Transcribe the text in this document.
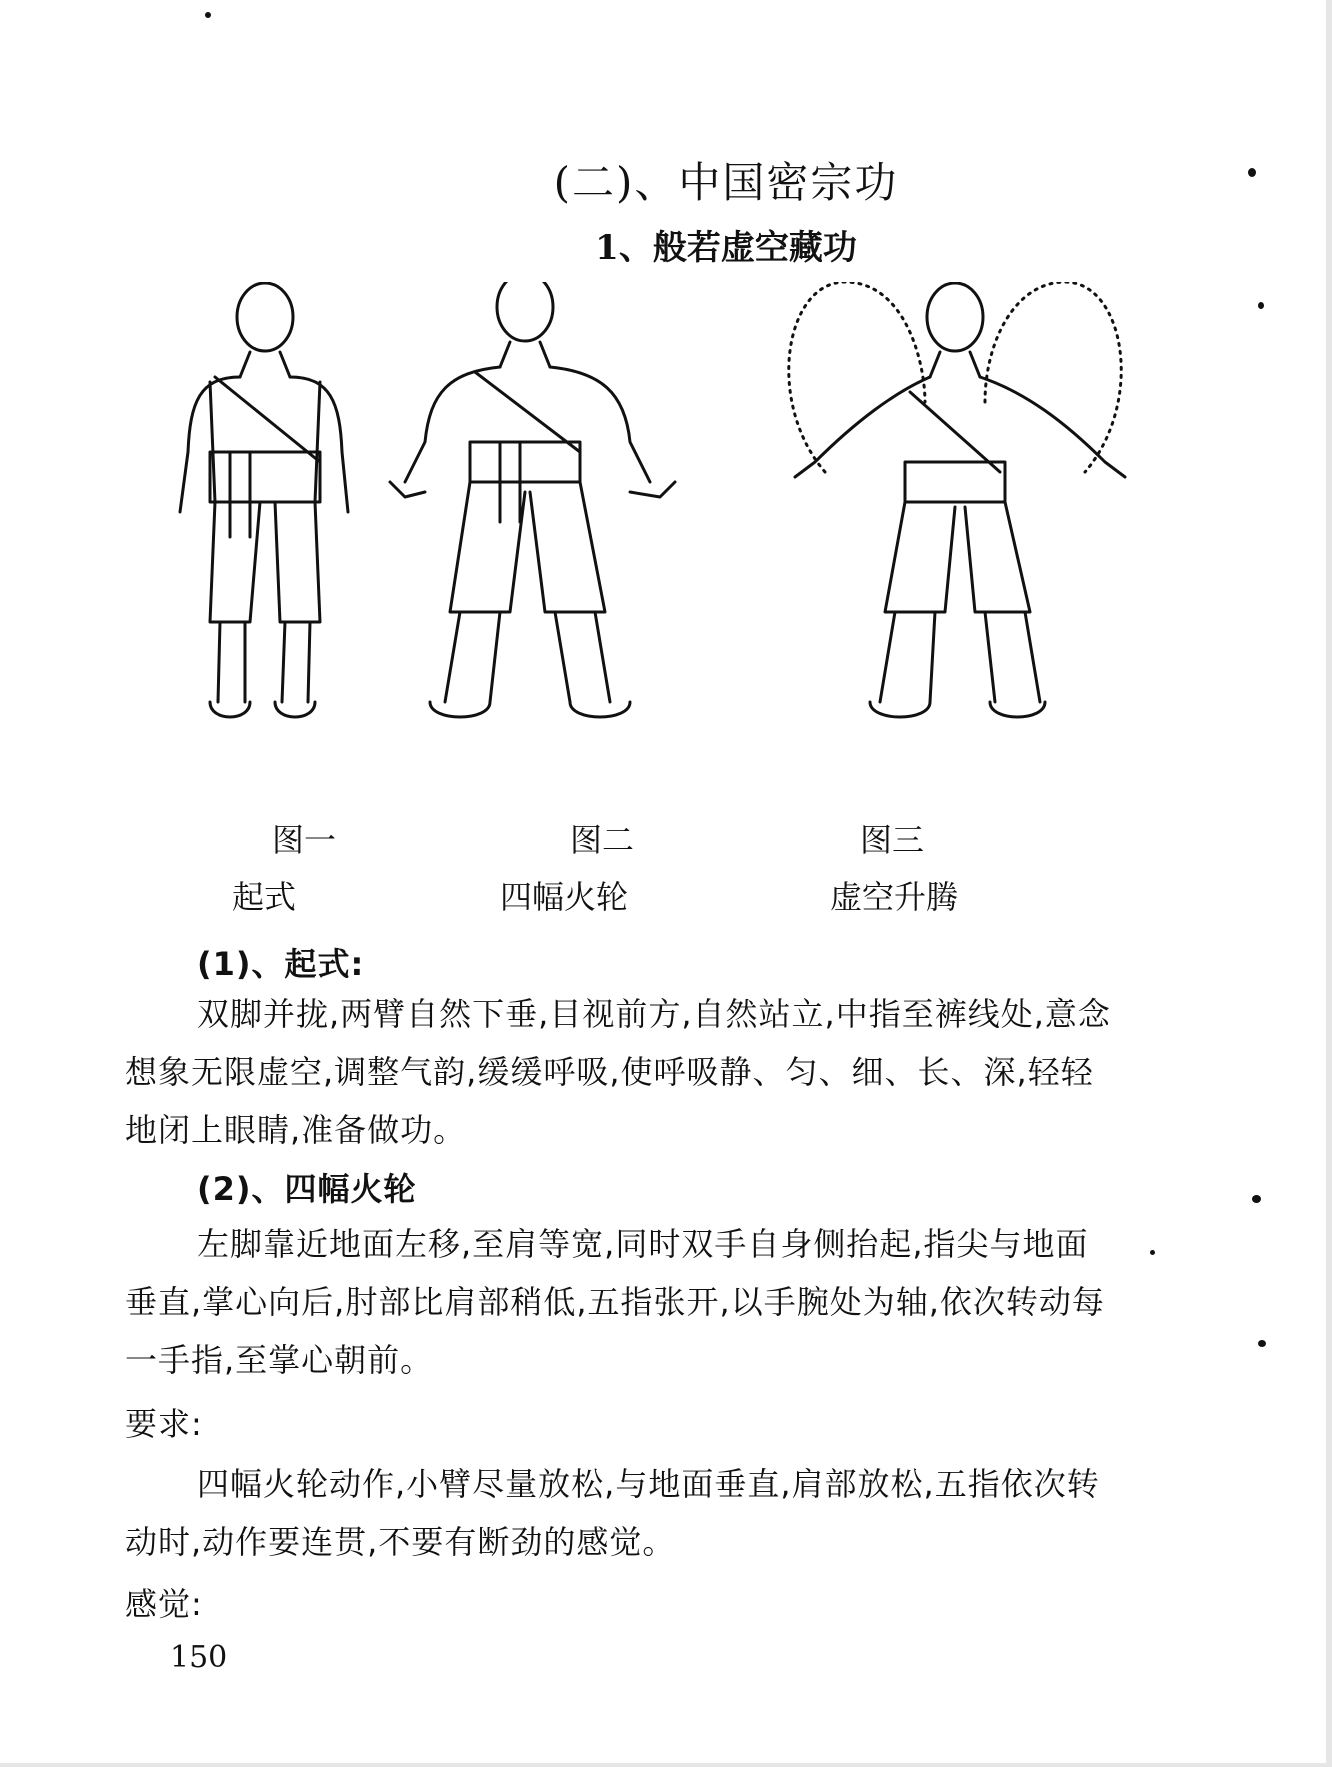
(二)、中国密宗功
1、般若虚空藏功
图一	图二	图三
起式	四幅火轮	虚空升腾
(1)、起式:
双脚并拢,两臂自然下垂,目视前方,自然站立,中指至裤线处,意念想象无限虚空,调整气韵,缓缓呼吸,使呼吸静、匀、细、长、深,轻轻地闭上眼睛,准备做功。
(2)、四幅火轮
左脚靠近地面左移,至肩等宽,同时双手自身侧抬起,指尖与地面垂直,掌心向后,肘部比肩部稍低,五指张开,以手腕处为轴,依次转动每一手指,至掌心朝前。
要求:
四幅火轮动作,小臂尽量放松,与地面垂直,肩部放松,五指依次转动时,动作要连贯,不要有断劲的感觉。
感觉:
150
